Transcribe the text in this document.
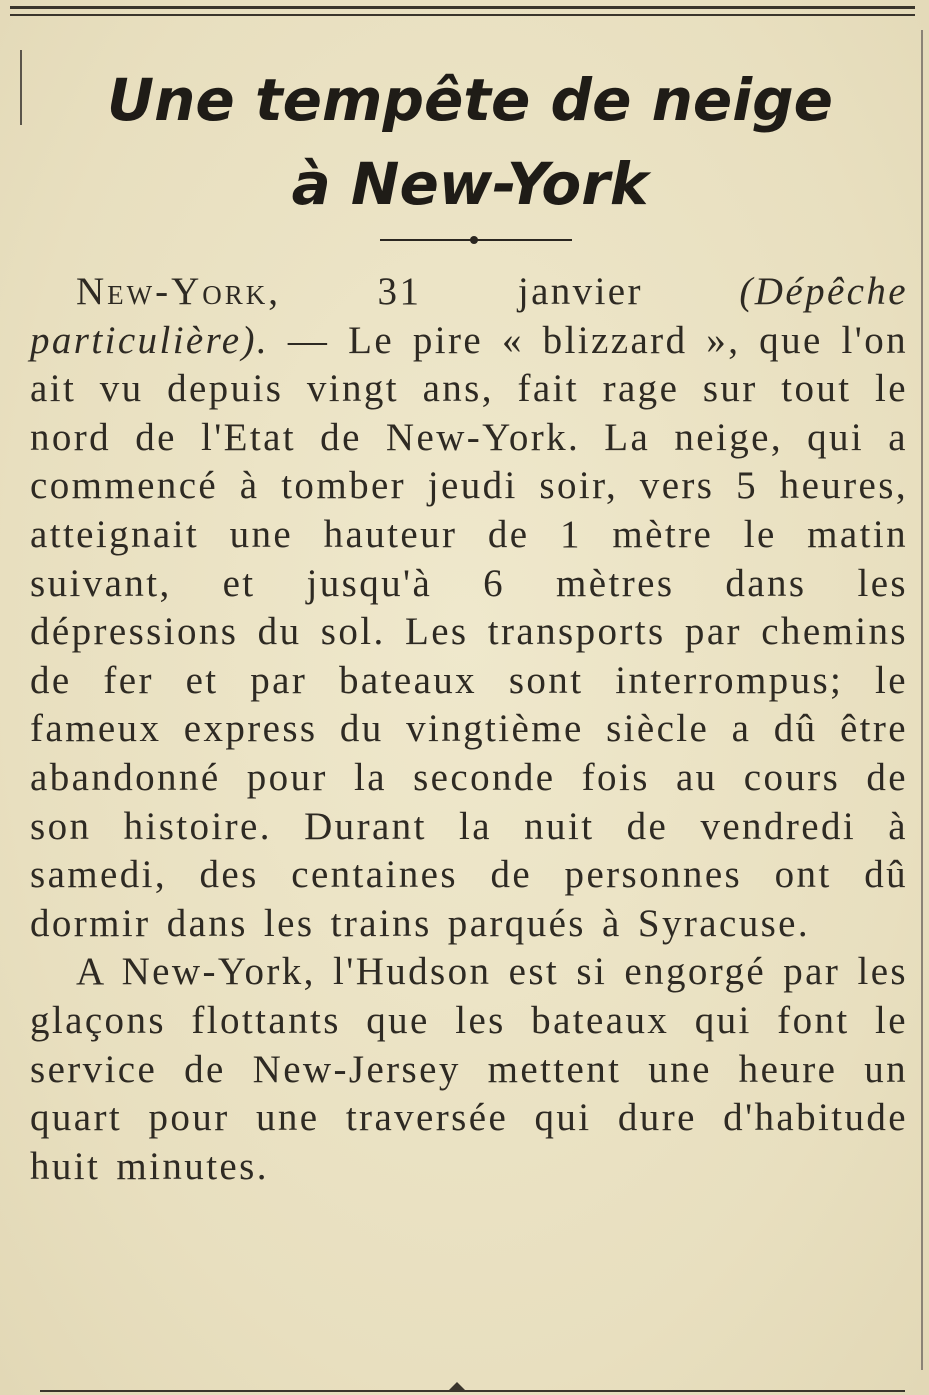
Une tempête de neige
à New-York

New-York, 31 janvier (Dépêche particulière). — Le pire « blizzard », que l'on ait vu depuis vingt ans, fait rage sur tout le nord de l'Etat de New-York. La neige, qui a commencé à tomber jeudi soir, vers 5 heures, atteignait une hauteur de 1 mètre le matin suivant, et jusqu'à 6 mètres dans les dépressions du sol. Les transports par chemins de fer et par bateaux sont interrompus; le fameux express du vingtième siècle a dû être abandonné pour la seconde fois au cours de son histoire. Durant la nuit de vendredi à samedi, des centaines de personnes ont dû dormir dans les trains parqués à Syracuse.

A New-York, l'Hudson est si engorgé par les glaçons flottants que les bateaux qui font le service de New-Jersey mettent une heure un quart pour une traversée qui dure d'habitude huit minutes.
